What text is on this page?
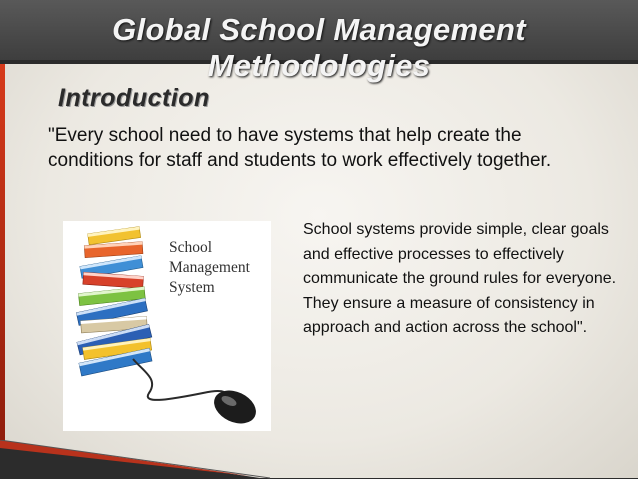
Global School Management Methodologies
Introduction
"Every school need to have systems that help create the conditions for staff and students to work effectively together.
School
Management
System

School systems provide simple, clear goals and effective processes to effectively communicate the ground rules for everyone.

They ensure a measure of consistency in approach and action across the school".
